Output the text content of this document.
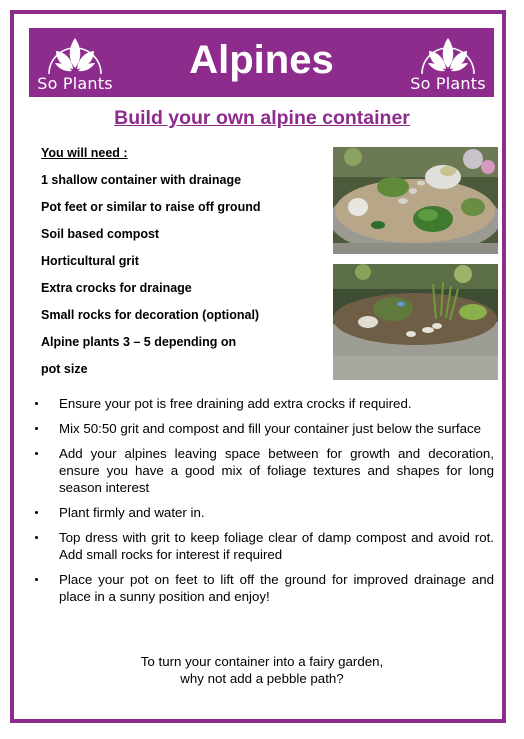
So Plants
Alpines
So Plants
Build your own alpine container
You will need :
1 shallow container with drainage
Pot feet or similar to raise off ground
Soil based compost
Horticultural grit
Extra crocks for drainage
Small rocks for decoration (optional)
Alpine plants 3 – 5 depending on
pot size
Ensure your pot is free draining add extra crocks if required.
Mix 50:50 grit and compost and fill your container just below the surface
Add your alpines leaving space between for growth and decoration, ensure you have a good mix of foliage textures and shapes for long season interest
Plant firmly and water in.
Top dress with grit to keep foliage clear of damp compost and avoid rot. Add small rocks for interest if required
Place your pot on feet to lift off the ground for improved drainage and place in a sunny position and enjoy!
To turn your container into a fairy garden,
why not add a pebble path?
